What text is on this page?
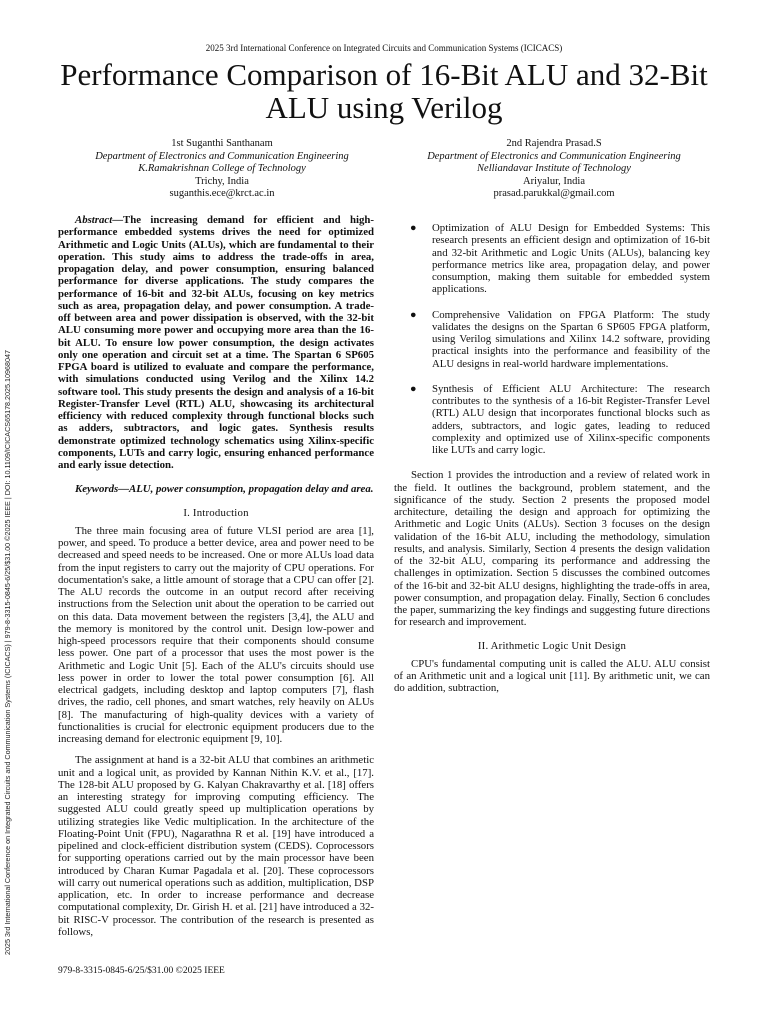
2025 3rd International Conference on Integrated Circuits and Communication Systems (ICICACS)
Performance Comparison of 16-Bit ALU and 32-Bit ALU using Verilog
1st Suganthi Santhanam
Department of Electronics and Communication Engineering
K.Ramakrishnan College of Technology
Trichy, India
suganthis.ece@krct.ac.in
2nd Rajendra Prasad.S
Department of Electronics and Communication Engineering
Nelliandavar Institute of Technology
Ariyalur, India
prasad.parukkal@gmail.com
2025 3rd International Conference on Integrated Circuits and Communication Systems (ICICACS) | 979-8-3315-0845-6/25/$31.00 ©2025 IEEE | DOI: 10.1109/ICICACS65178.2025.10968047

Abstract—The increasing demand for efficient and high-performance embedded systems drives the need for optimized Arithmetic and Logic Units (ALUs), which are fundamental to their operation. This study aims to address the trade-offs in area, propagation delay, and power consumption, ensuring balanced performance for diverse applications. The study compares the performance of 16-bit and 32-bit ALUs, focusing on key metrics such as area, propagation delay, and power consumption. A trade-off between area and power dissipation is observed, with the 32-bit ALU consuming more power and occupying more area than the 16-bit ALU. To ensure low power consumption, the design activates only one operation and circuit set at a time. The Spartan 6 SP605 FPGA board is utilized to evaluate and compare the performance, with simulations conducted using Verilog and the Xilinx 14.2 software tool. This study presents the design and analysis of a 16-bit Register-Transfer Level (RTL) ALU, showcasing its architectural efficiency with reduced complexity through functional blocks such as adders, subtractors, and logic gates. Synthesis results demonstrate optimized technology schematics using Xilinx-specific components, LUTs and carry logic, ensuring enhanced performance and early issue detection.

Keywords—ALU, power consumption, propagation delay and area.

I. Introduction

The three main focusing area of future VLSI period are area [1], power, and speed. To produce a better device, area and power need to be decreased and speed needs to be increased. One or more ALUs load data from the input registers to carry out the majority of CPU operations. For documentation's sake, a little amount of storage that a CPU can offer [2]. The ALU records the outcome in an output record after receiving instructions from the Selection unit about the operation to be carried out on this data. Data movement between the registers [3,4], the ALU and the memory is monitored by the control unit. Design low-power and high-speed processors require that their components should consume less power. One part of a processor that uses the most power is the Arithmetic and Logic Unit [5]. Each of the ALU's circuits should use less power in order to lower the total power consumption [6]. All electrical gadgets, including desktop and laptop computers [7], flash drives, the radio, cell phones, and smart watches, rely heavily on ALUs [8]. The manufacturing of high-quality devices with a variety of functionalities is crucial for electronic equipment producers due to the increasing demand for electronic equipment [9, 10].

The assignment at hand is a 32-bit ALU that combines an arithmetic unit and a logical unit, as provided by Kannan Nithin K.V. et al., [17]. The 128-bit ALU proposed by G. Kalyan Chakravarthy et al. [18] offers an interesting strategy for improving computing efficiency. The suggested ALU could greatly speed up multiplication operations by utilizing strategies like Vedic multiplication. In the architecture of the Floating-Point Unit (FPU), Nagarathna R et al. [19] have introduced a pipelined and clock-efficient distribution system (CEDS). Coprocessors for supporting operations carried out by the main processor have been introduced by Charan Kumar Pagadala et al. [20]. These coprocessors will carry out numerical operations such as addition, multiplication, DSP application, etc. In order to increase performance and decrease computational complexity, Dr. Girish H. et al. [21] have introduced a 32-bit RISC-V processor. The contribution of the research is presented as follows,

● Optimization of ALU Design for Embedded Systems: This research presents an efficient design and optimization of 16-bit and 32-bit Arithmetic and Logic Units (ALUs), balancing key performance metrics like area, propagation delay, and power consumption, making them suitable for embedded system applications.
● Comprehensive Validation on FPGA Platform: The study validates the designs on the Spartan 6 SP605 FPGA platform, using Verilog simulations and Xilinx 14.2 software, providing practical insights into the performance and feasibility of the ALU designs in real-world hardware implementations.
● Synthesis of Efficient ALU Architecture: The research contributes to the synthesis of a 16-bit Register-Transfer Level (RTL) ALU design that incorporates functional blocks such as adders, subtractors, and logic gates, leading to reduced complexity and optimized use of Xilinx-specific components like LUTs and carry logic.

Section 1 provides the introduction and a review of related work in the field. It outlines the background, problem statement, and the significance of the study. Section 2 presents the proposed model architecture, detailing the design and approach for optimizing the Arithmetic and Logic Units (ALUs). Section 3 focuses on the design validation of the 16-bit ALU, including the methodology, simulation results, and analysis. Similarly, Section 4 presents the design validation of the 32-bit ALU, comparing its performance and addressing the challenges in optimization. Section 5 discusses the combined outcomes of the 16-bit and 32-bit ALU designs, highlighting the trade-offs in area, power consumption, and propagation delay. Finally, Section 6 concludes the paper, summarizing the key findings and suggesting future directions for research and improvement.

II. Arithmetic Logic Unit Design

CPU's fundamental computing unit is called the ALU. ALU consist of an Arithmetic unit and a logical unit [11]. By arithmetic unit, we can do addition, subtraction,

979-8-3315-0845-6/25/$31.00 ©2025 IEEE
